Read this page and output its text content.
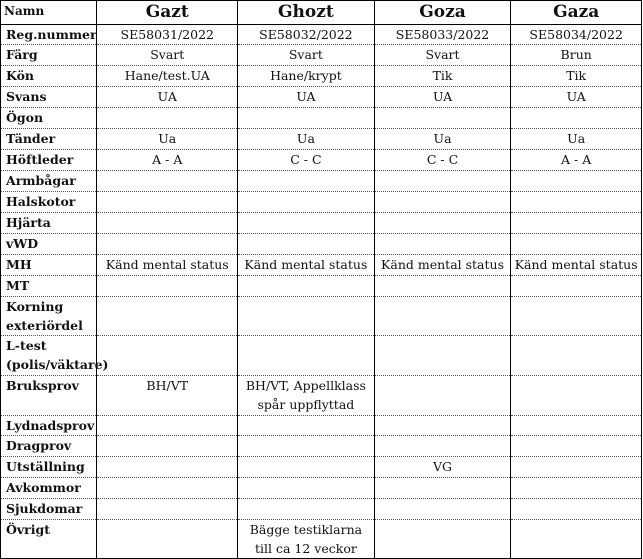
Namn	Gazt	Ghozt	Goza	Gaza
Reg.nummer	SE58031/2022	SE58032/2022	SE58033/2022	SE58034/2022
Färg	Svart	Svart	Svart	Brun
Kön	Hane/test.UA	Hane/krypt	Tik	Tik
Svans	UA	UA	UA	UA
Ögon				
Tänder	Ua	Ua	Ua	Ua
Höftleder	A - A	C - C	C - C	A - A
Armbågar				
Halskotor				
Hjärta				
vWD				
MH	Känd mental status	Känd mental status	Känd mental status	Känd mental status
MT				
Korning exteriördel				
L-test (polis/väktare)				
Bruksprov	BH/VT	BH/VT, Appellklass spår uppflyttad		
Lydnadsprov				
Dragprov				
Utställning			VG	
Avkommor				
Sjukdomar				
Övrigt		Bägge testiklarna till ca 12 veckor		
